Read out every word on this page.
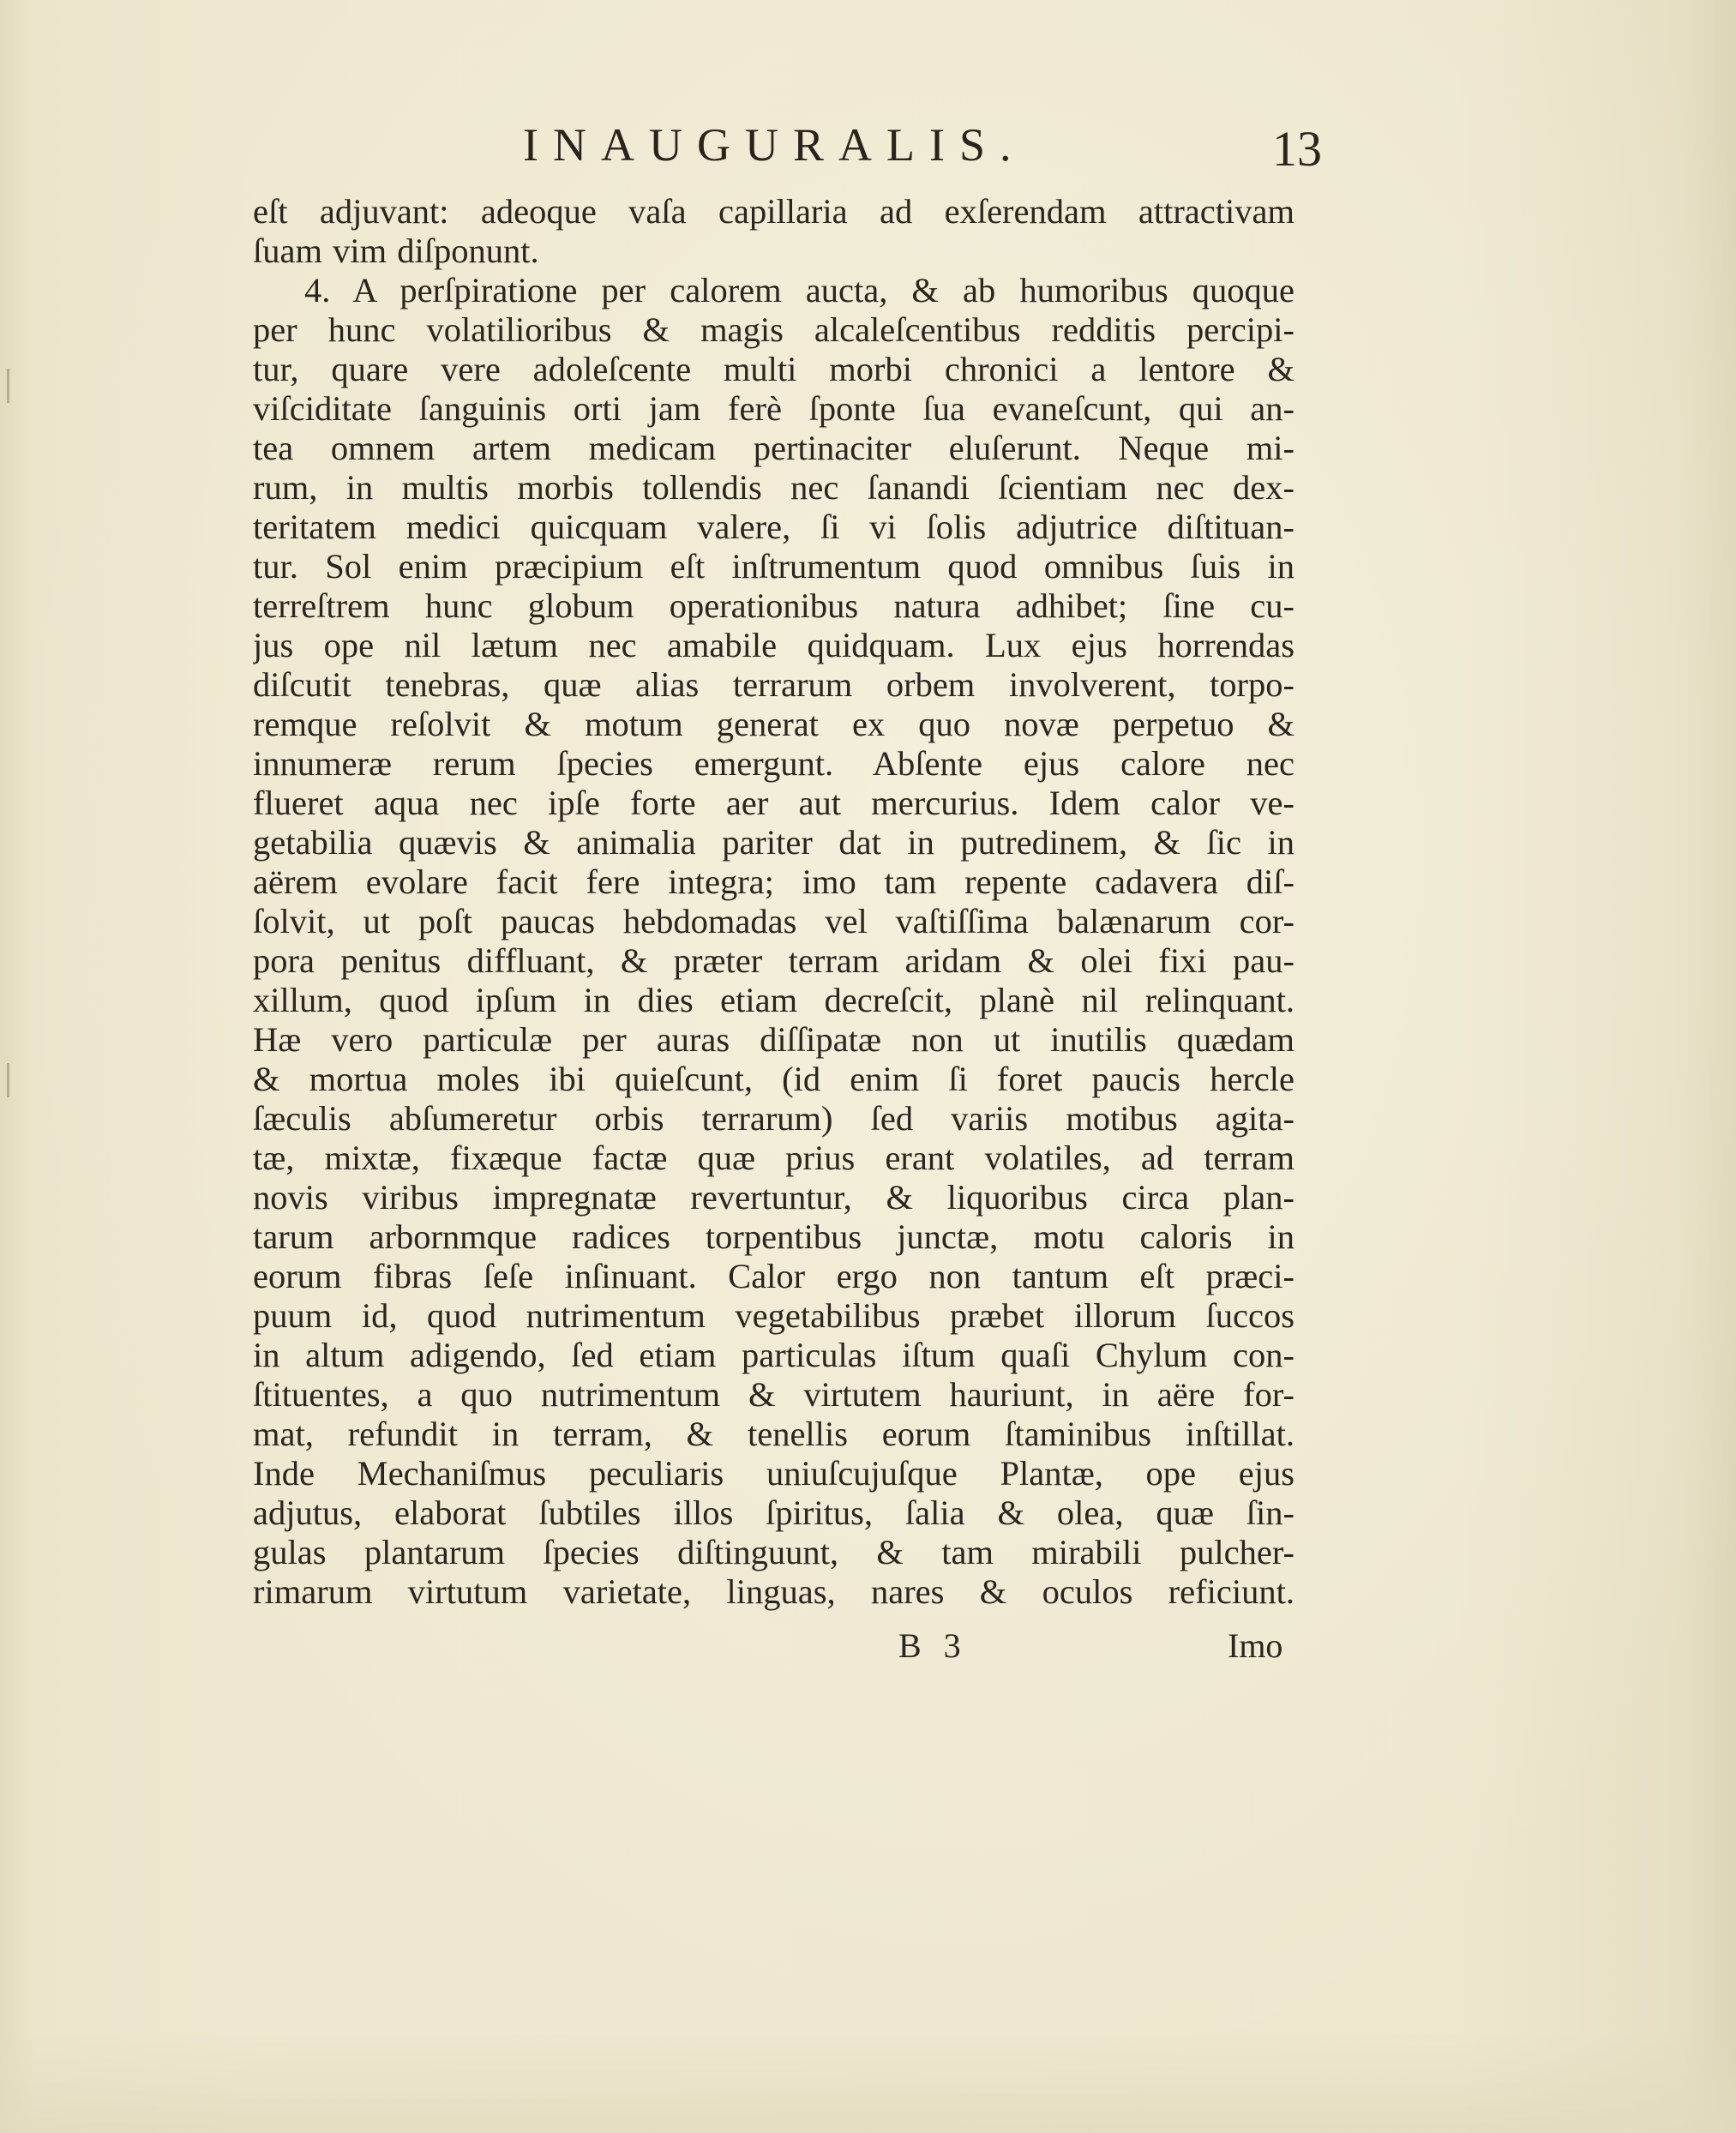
INAUGURALIS.	13
eſt adjuvant: adeoque vaſa capillaria ad exſerendam attractivam
ſuam vim diſponunt.
4. A perſpiratione per calorem aucta, & ab humoribus quoque
per hunc volatilioribus & magis alcaleſcentibus redditis percipi-
tur, quare vere adoleſcente multi morbi chronici a lentore &
viſciditate ſanguinis orti jam ferè ſponte ſua evaneſcunt, qui an-
tea omnem artem medicam pertinaciter eluſerunt. Neque mi-
rum, in multis morbis tollendis nec ſanandi ſcientiam nec dex-
teritatem medici quicquam valere, ſi vi ſolis adjutrice diſtituan-
tur. Sol enim præcipium eſt inſtrumentum quod omnibus ſuis in
terreſtrem hunc globum operationibus natura adhibet; ſine cu-
jus ope nil lætum nec amabile quidquam. Lux ejus horrendas
diſcutit tenebras, quæ alias terrarum orbem involverent, torpo-
remque reſolvit & motum generat ex quo novæ perpetuo &
innumeræ rerum ſpecies emergunt. Abſente ejus calore nec
flueret aqua nec ipſe forte aer aut mercurius. Idem calor ve-
getabilia quævis & animalia pariter dat in putredinem, & ſic in
aërem evolare facit fere integra; imo tam repente cadavera diſ-
ſolvit, ut poſt paucas hebdomadas vel vaſtiſſima balænarum cor-
pora penitus diffluant, & præter terram aridam & olei fixi pau-
xillum, quod ipſum in dies etiam decreſcit, planè nil relinquant.
Hæ vero particulæ per auras diſſipatæ non ut inutilis quædam
& mortua moles ibi quieſcunt, (id enim ſi foret paucis hercle
ſæculis abſumeretur orbis terrarum) ſed variis motibus agita-
tæ, mixtæ, fixæque factæ quæ prius erant volatiles, ad terram
novis viribus impregnatæ revertuntur, & liquoribus circa plan-
tarum arbornmque radices torpentibus junctæ, motu caloris in
eorum fibras ſeſe inſinuant. Calor ergo non tantum eſt præci-
puum id, quod nutrimentum vegetabilibus præbet illorum ſuccos
in altum adigendo, ſed etiam particulas iſtum quaſi Chylum con-
ſtituentes, a quo nutrimentum & virtutem hauriunt, in aëre for-
mat, refundit in terram, & tenellis eorum ſtaminibus inſtillat.
Inde Mechaniſmus peculiaris uniuſcujuſque Plantæ, ope ejus
adjutus, elaborat ſubtiles illos ſpiritus, ſalia & olea, quæ ſin-
gulas plantarum ſpecies diſtinguunt, & tam mirabili pulcher-
rimarum virtutum varietate, linguas, nares & oculos reficiunt.
B 3	Imo
